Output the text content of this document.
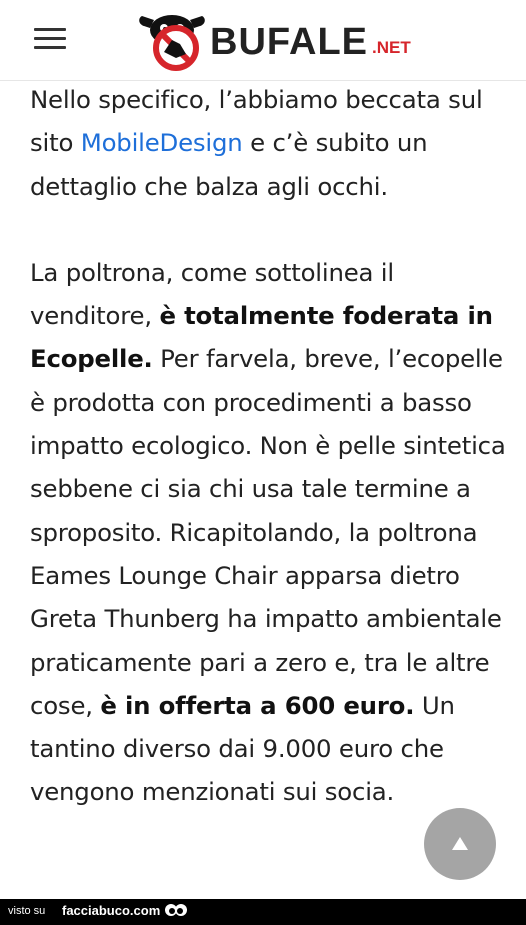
BUFALE .NET

Nello specifico, l’abbiamo beccata sul sito MobileDesign e c’è subito un dettaglio che balza agli occhi.

La poltrona, come sottolinea il venditore, è totalmente foderata in Ecopelle. Per farvela, breve, l’ecopelle è prodotta con procedimenti a basso impatto ecologico. Non è pelle sintetica sebbene ci sia chi usa tale termine a sproposito. Ricapitolando, la poltrona Eames Lounge Chair apparsa dietro Greta Thunberg ha impatto ambientale praticamente pari a zero e, tra le altre cose, è in offerta a 600 euro. Un tantino diverso dai 9.000 euro che vengono menzionati sui socia.

visto su facciabuco.com
